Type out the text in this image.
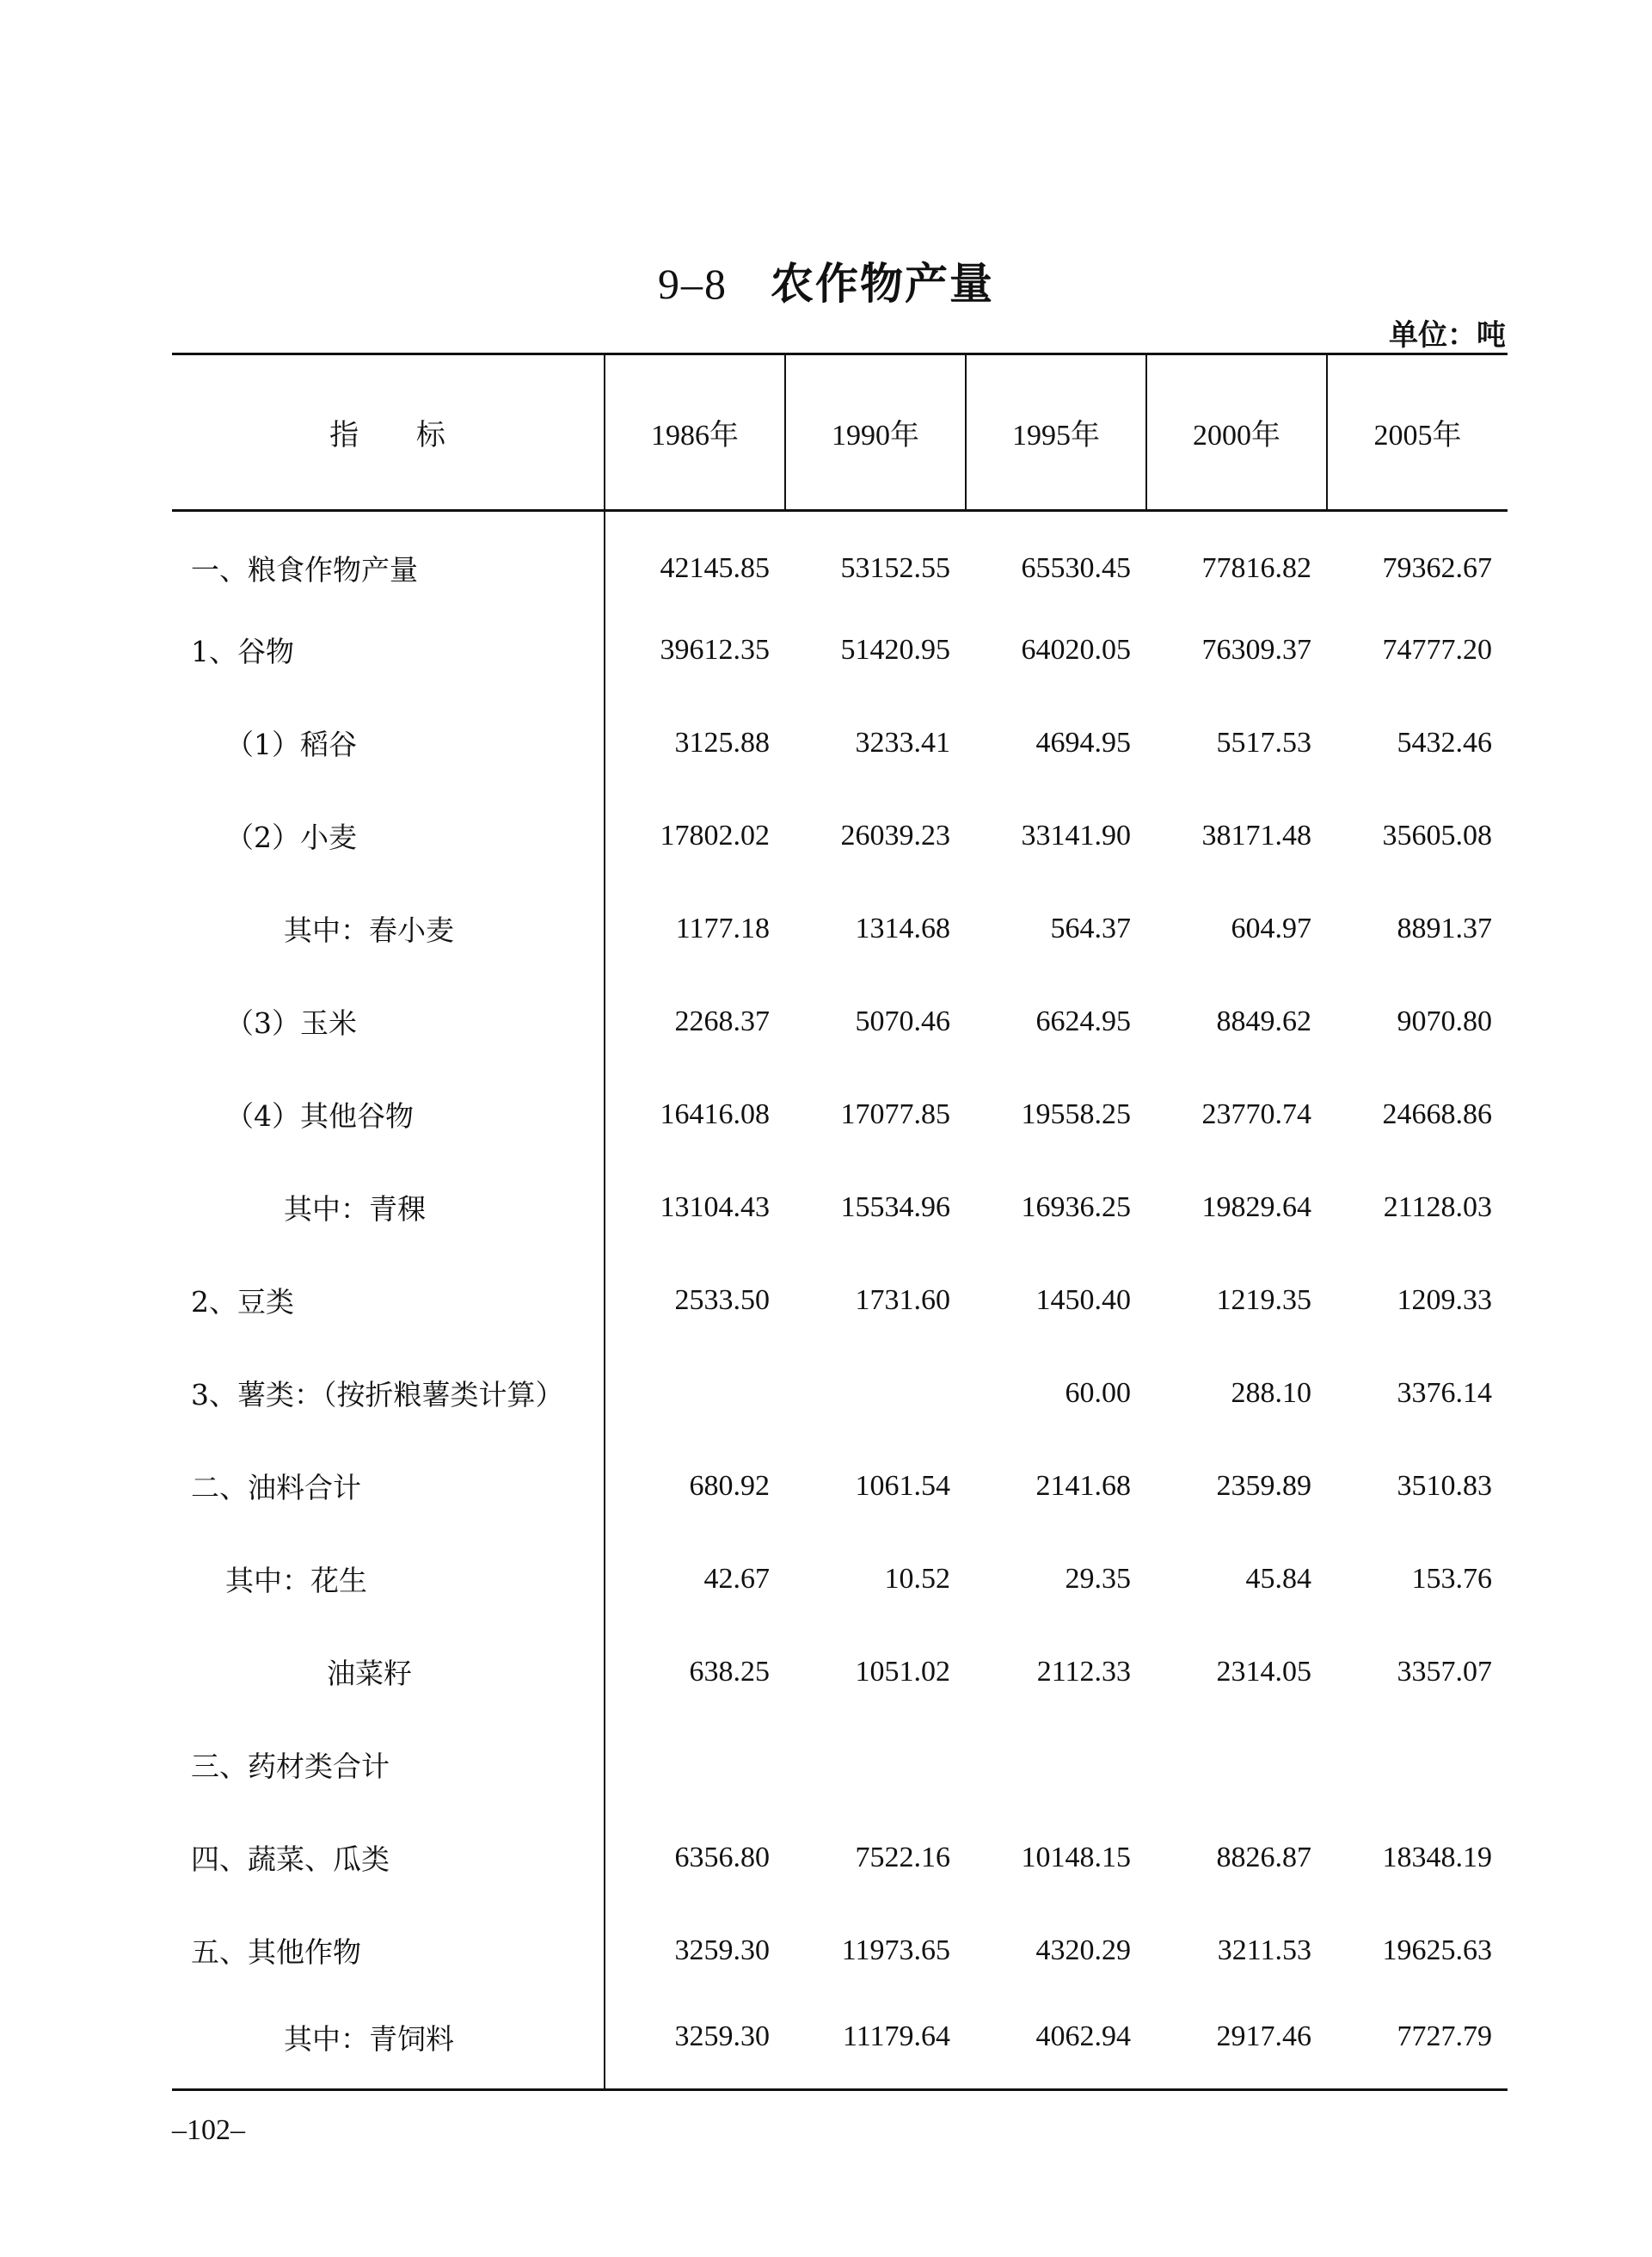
9–8 农作物产量
单位：吨
指 标	1986年	1990年	1995年	2000年	2005年
一、粮食作物产量	42145.85	53152.55	65530.45	77816.82	79362.67
1、谷物	39612.35	51420.95	64020.05	76309.37	74777.20
（1）稻谷	3125.88	3233.41	4694.95	5517.53	5432.46
（2）小麦	17802.02	26039.23	33141.90	38171.48	35605.08
其中：春小麦	1177.18	1314.68	564.37	604.97	8891.37
（3）玉米	2268.37	5070.46	6624.95	8849.62	9070.80
（4）其他谷物	16416.08	17077.85	19558.25	23770.74	24668.86
其中：青稞	13104.43	15534.96	16936.25	19829.64	21128.03
2、豆类	2533.50	1731.60	1450.40	1219.35	1209.33
3、薯类：（按折粮薯类计算）			60.00	288.10	3376.14
二、油料合计	680.92	1061.54	2141.68	2359.89	3510.83
其中：花生	42.67	10.52	29.35	45.84	153.76
油菜籽	638.25	1051.02	2112.33	2314.05	3357.07
三、药材类合计					
四、蔬菜、瓜类	6356.80	7522.16	10148.15	8826.87	18348.19
五、其他作物	3259.30	11973.65	4320.29	3211.53	19625.63
其中：青饲料	3259.30	11179.64	4062.94	2917.46	7727.79
–102–
